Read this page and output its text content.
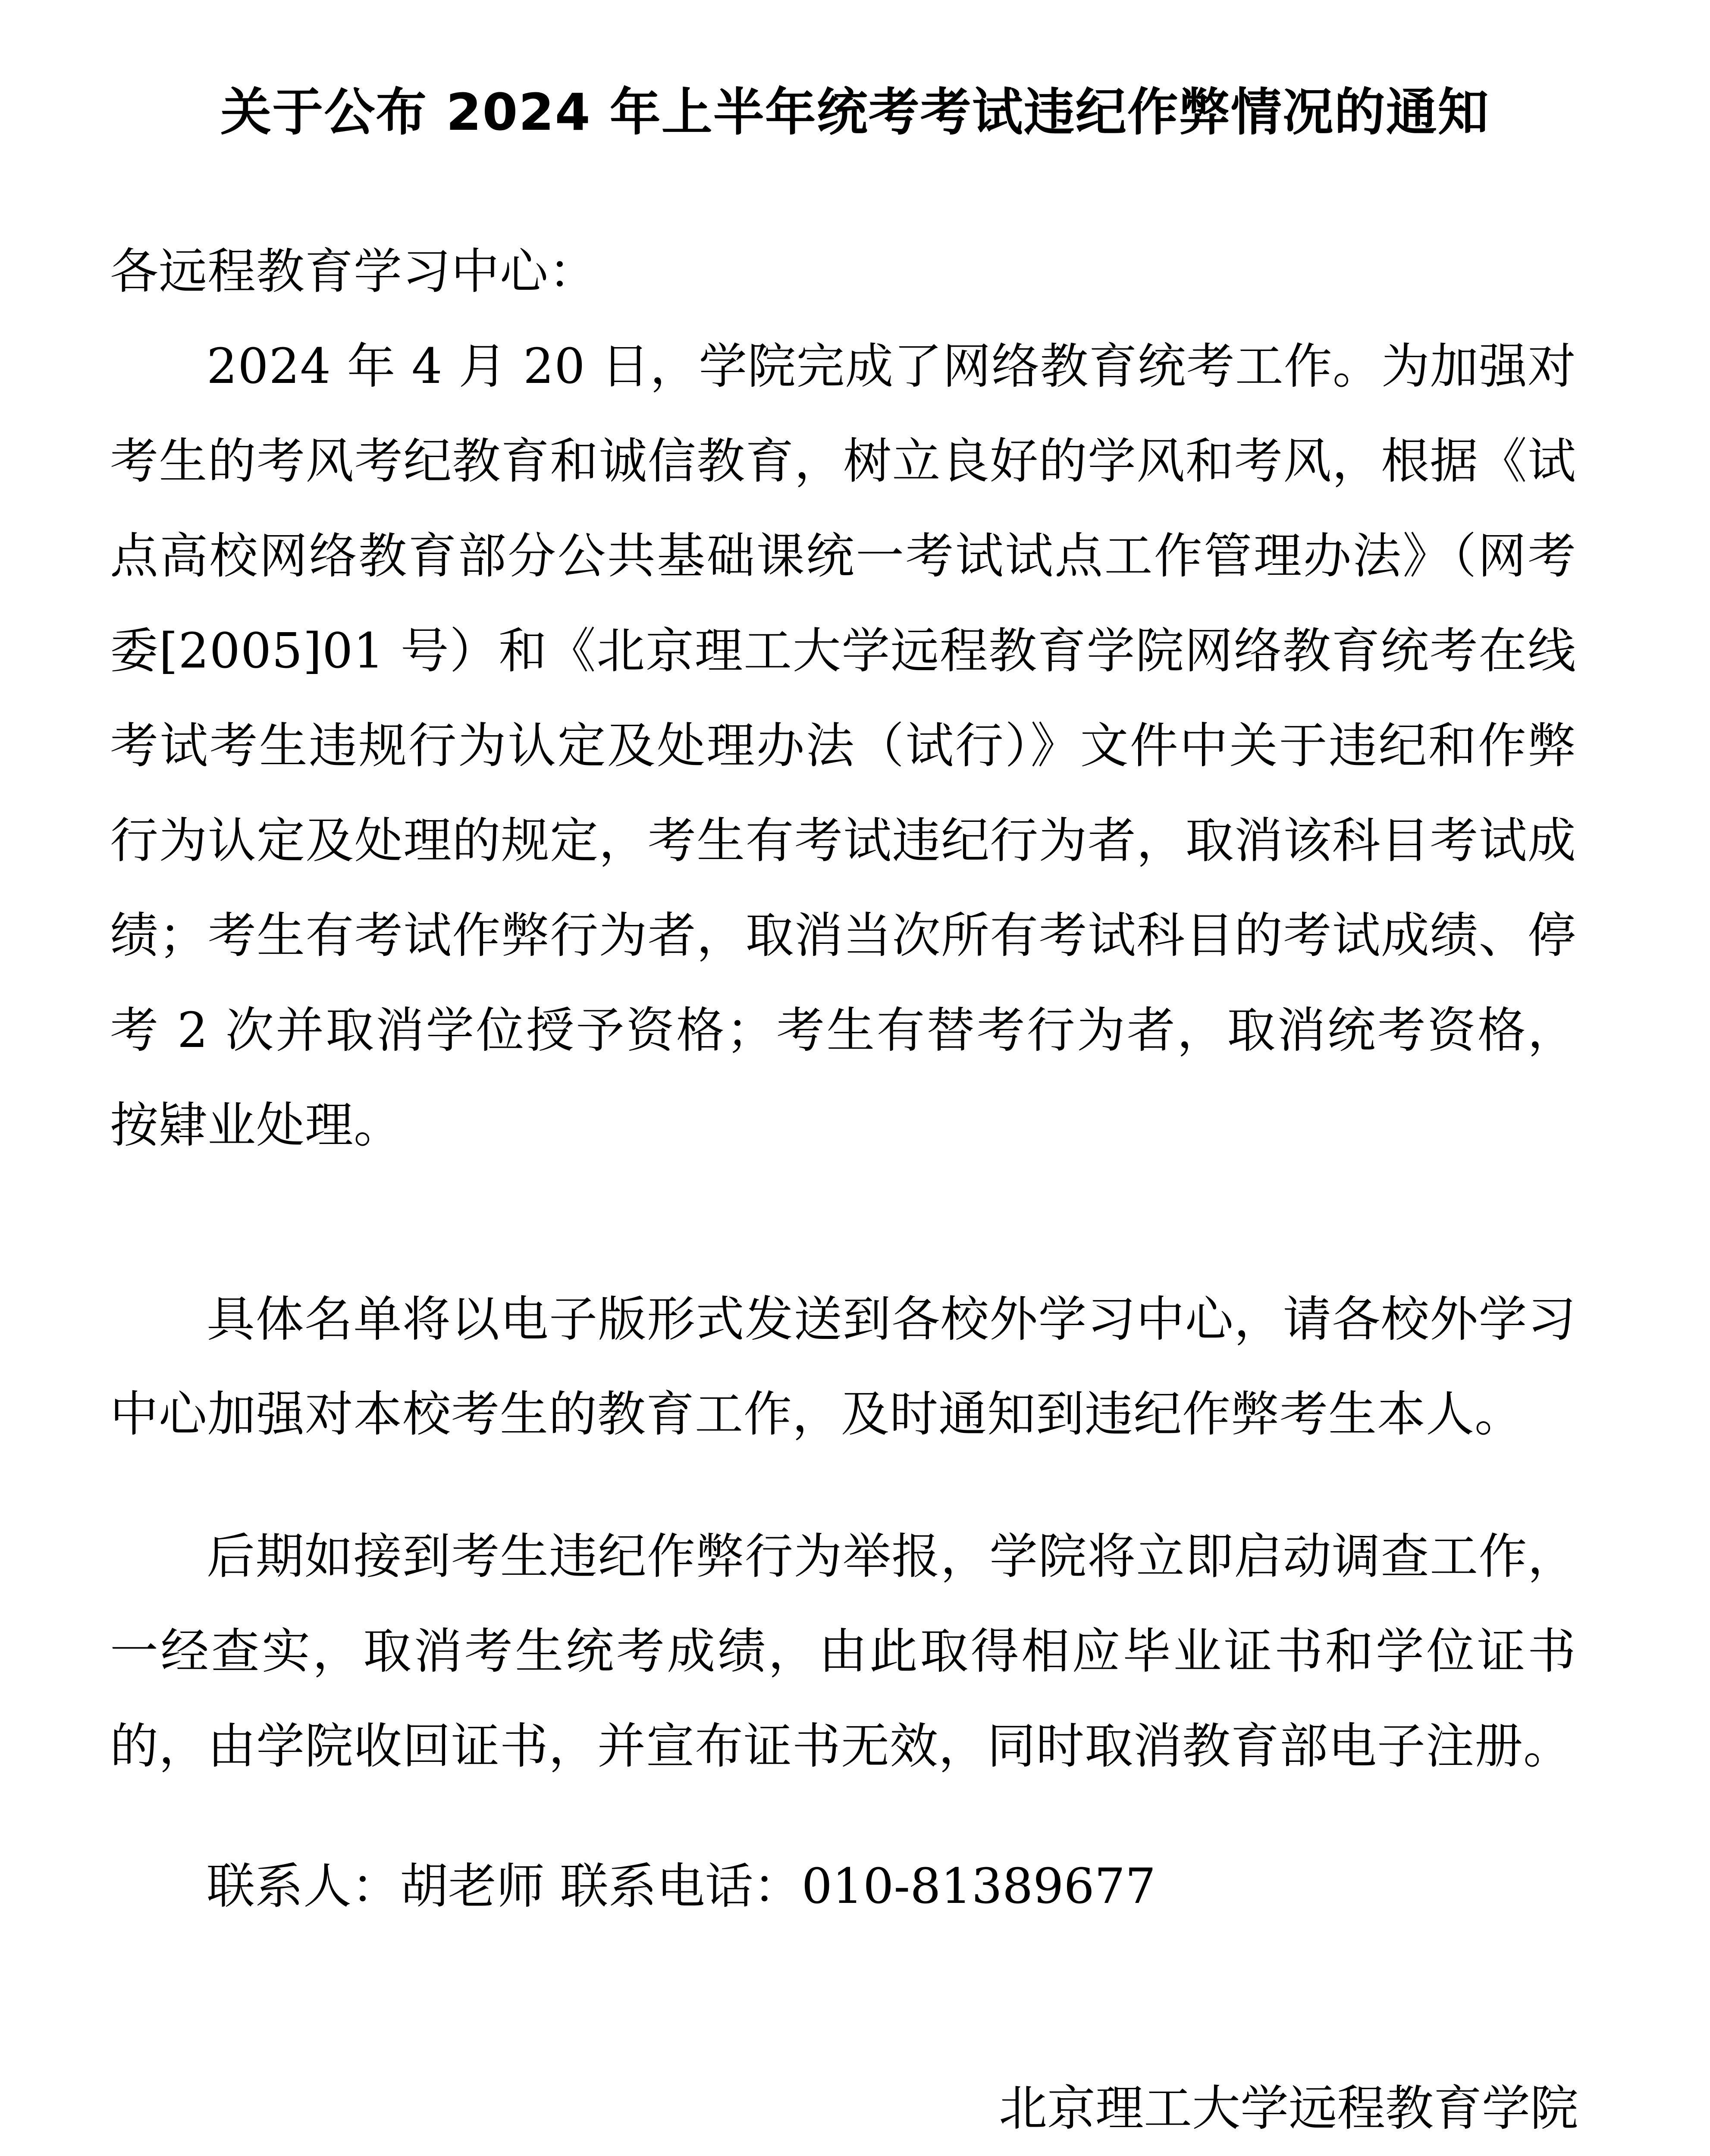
关于公布 2024 年上半年统考考试违纪作弊情况的通知

各远程教育学习中心：

2024 年 4 月 20 日，学院完成了网络教育统考工作。为加强对考生的考风考纪教育和诚信教育，树立良好的学风和考风，根据《试点高校网络教育部分公共基础课统一考试试点工作管理办法》（网考委[2005]01 号）和《北京理工大学远程教育学院网络教育统考在线考试考生违规行为认定及处理办法（试行）》文件中关于违纪和作弊行为认定及处理的规定，考生有考试违纪行为者，取消该科目考试成绩；考生有考试作弊行为者，取消当次所有考试科目的考试成绩、停考 2 次并取消学位授予资格；考生有替考行为者，取消统考资格，按肄业处理。

具体名单将以电子版形式发送到各校外学习中心，请各校外学习中心加强对本校考生的教育工作，及时通知到违纪作弊考生本人。

后期如接到考生违纪作弊行为举报，学院将立即启动调查工作，一经查实，取消考生统考成绩，由此取得相应毕业证书和学位证书的，由学院收回证书，并宣布证书无效，同时取消教育部电子注册。

联系人：胡老师 联系电话：010-81389677
北京理工大学远程教育学院
